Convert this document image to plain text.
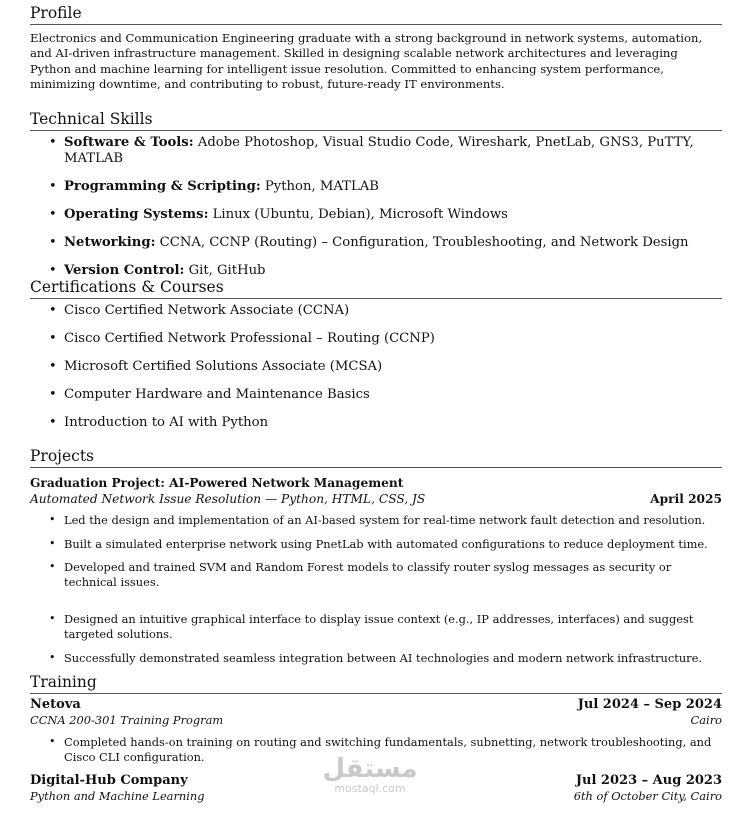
Profile
Electronics and Communication Engineering graduate with a strong background in network systems, automation, and AI-driven infrastructure management. Skilled in designing scalable network architectures and leveraging Python and machine learning for intelligent issue resolution. Committed to enhancing system performance, minimizing downtime, and contributing to robust, future-ready IT environments.
Technical Skills
• Software & Tools: Adobe Photoshop, Visual Studio Code, Wireshark, PnetLab, GNS3, PuTTY, MATLAB
• Programming & Scripting: Python, MATLAB
• Operating Systems: Linux (Ubuntu, Debian), Microsoft Windows
• Networking: CCNA, CCNP (Routing) – Configuration, Troubleshooting, and Network Design
• Version Control: Git, GitHub
Certifications & Courses
• Cisco Certified Network Associate (CCNA)
• Cisco Certified Network Professional – Routing (CCNP)
• Microsoft Certified Solutions Associate (MCSA)
• Computer Hardware and Maintenance Basics
• Introduction to AI with Python
Projects
Graduation Project: AI-Powered Network Management
Automated Network Issue Resolution — Python, HTML, CSS, JS	April 2025
• Led the design and implementation of an AI-based system for real-time network fault detection and resolution.
• Built a simulated enterprise network using PnetLab with automated configurations to reduce deployment time.
• Developed and trained SVM and Random Forest models to classify router syslog messages as security or technical issues.
• Designed an intuitive graphical interface to display issue context (e.g., IP addresses, interfaces) and suggest targeted solutions.
• Successfully demonstrated seamless integration between AI technologies and modern network infrastructure.
Training
Netova	Jul 2024 – Sep 2024
CCNA 200-301 Training Program	Cairo
• Completed hands-on training on routing and switching fundamentals, subnetting, network troubleshooting, and Cisco CLI configuration.
Digital-Hub Company	Jul 2023 – Aug 2023
Python and Machine Learning	6th of October City, Cairo
مستقل
mostaql.com
